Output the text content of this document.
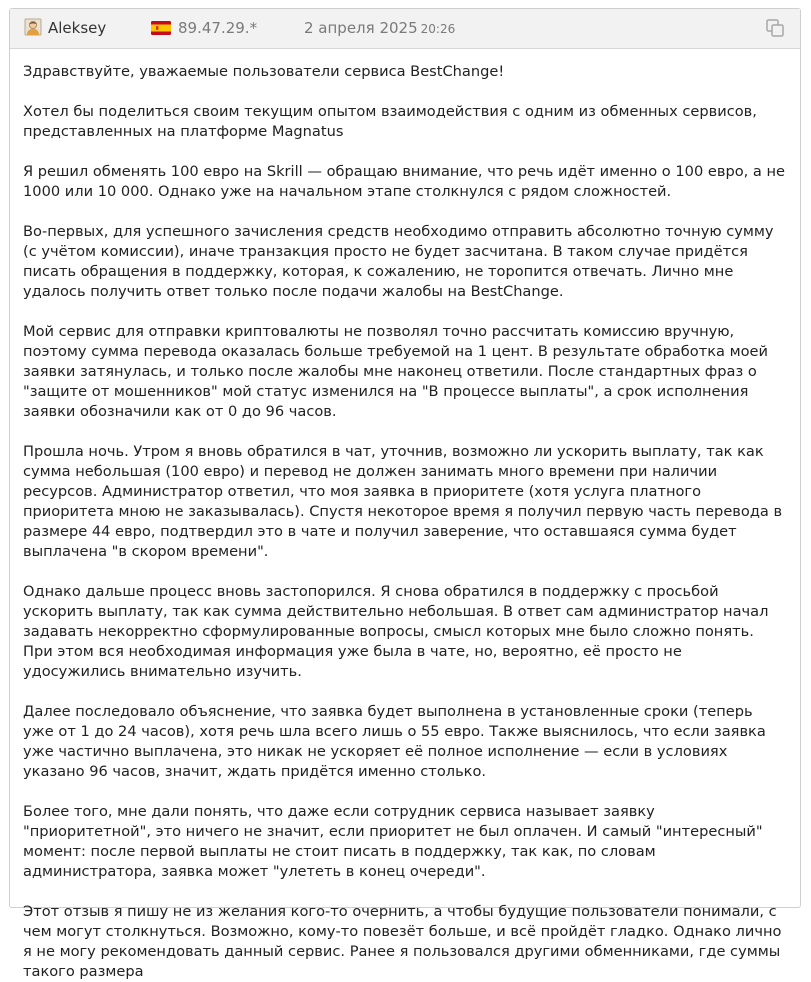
Aleksey	89.47.29.*	2 апреля 2025 20:26

Здравствуйте, уважаемые пользователи сервиса BestChange!

Хотел бы поделиться своим текущим опытом взаимодействия с одним из обменных сервисов, представленных на платформе Magnatus

Я решил обменять 100 евро на Skrill — обращаю внимание, что речь идёт именно о 100 евро, а не 1000 или 10 000. Однако уже на начальном этапе столкнулся с рядом сложностей.

Во-первых, для успешного зачисления средств необходимо отправить абсолютно точную сумму (с учётом комиссии), иначе транзакция просто не будет засчитана. В таком случае придётся писать обращения в поддержку, которая, к сожалению, не торопится отвечать. Лично мне удалось получить ответ только после подачи жалобы на BestChange.

Мой сервис для отправки криптовалюты не позволял точно рассчитать комиссию вручную, поэтому сумма перевода оказалась больше требуемой на 1 цент. В результате обработка моей заявки затянулась, и только после жалобы мне наконец ответили. После стандартных фраз о "защите от мошенников" мой статус изменился на "В процессе выплаты", а срок исполнения заявки обозначили как от 0 до 96 часов.

Прошла ночь. Утром я вновь обратился в чат, уточнив, возможно ли ускорить выплату, так как сумма небольшая (100 евро) и перевод не должен занимать много времени при наличии ресурсов. Администратор ответил, что моя заявка в приоритете (хотя услуга платного приоритета мною не заказывалась). Спустя некоторое время я получил первую часть перевода в размере 44 евро, подтвердил это в чате и получил заверение, что оставшаяся сумма будет выплачена "в скором времени".

Однако дальше процесс вновь застопорился. Я снова обратился в поддержку с просьбой ускорить выплату, так как сумма действительно небольшая. В ответ сам администратор начал задавать некорректно сформулированные вопросы, смысл которых мне было сложно понять. При этом вся необходимая информация уже была в чате, но, вероятно, её просто не удосужились внимательно изучить.

Далее последовало объяснение, что заявка будет выполнена в установленные сроки (теперь уже от 1 до 24 часов), хотя речь шла всего лишь о 55 евро. Также выяснилось, что если заявка уже частично выплачена, это никак не ускоряет её полное исполнение — если в условиях указано 96 часов, значит, ждать придётся именно столько.

Более того, мне дали понять, что даже если сотрудник сервиса называет заявку "приоритетной", это ничего не значит, если приоритет не был оплачен. И самый "интересный" момент: после первой выплаты не стоит писать в поддержку, так как, по словам администратора, заявка может "улететь в конец очереди".

Этот отзыв я пишу не из желания кого-то очернить, а чтобы будущие пользователи понимали, с чем могут столкнуться. Возможно, кому-то повезёт больше, и всё пройдёт гладко. Однако лично я не могу рекомендовать данный сервис. Ранее я пользовался другими обменниками, где суммы такого размера
